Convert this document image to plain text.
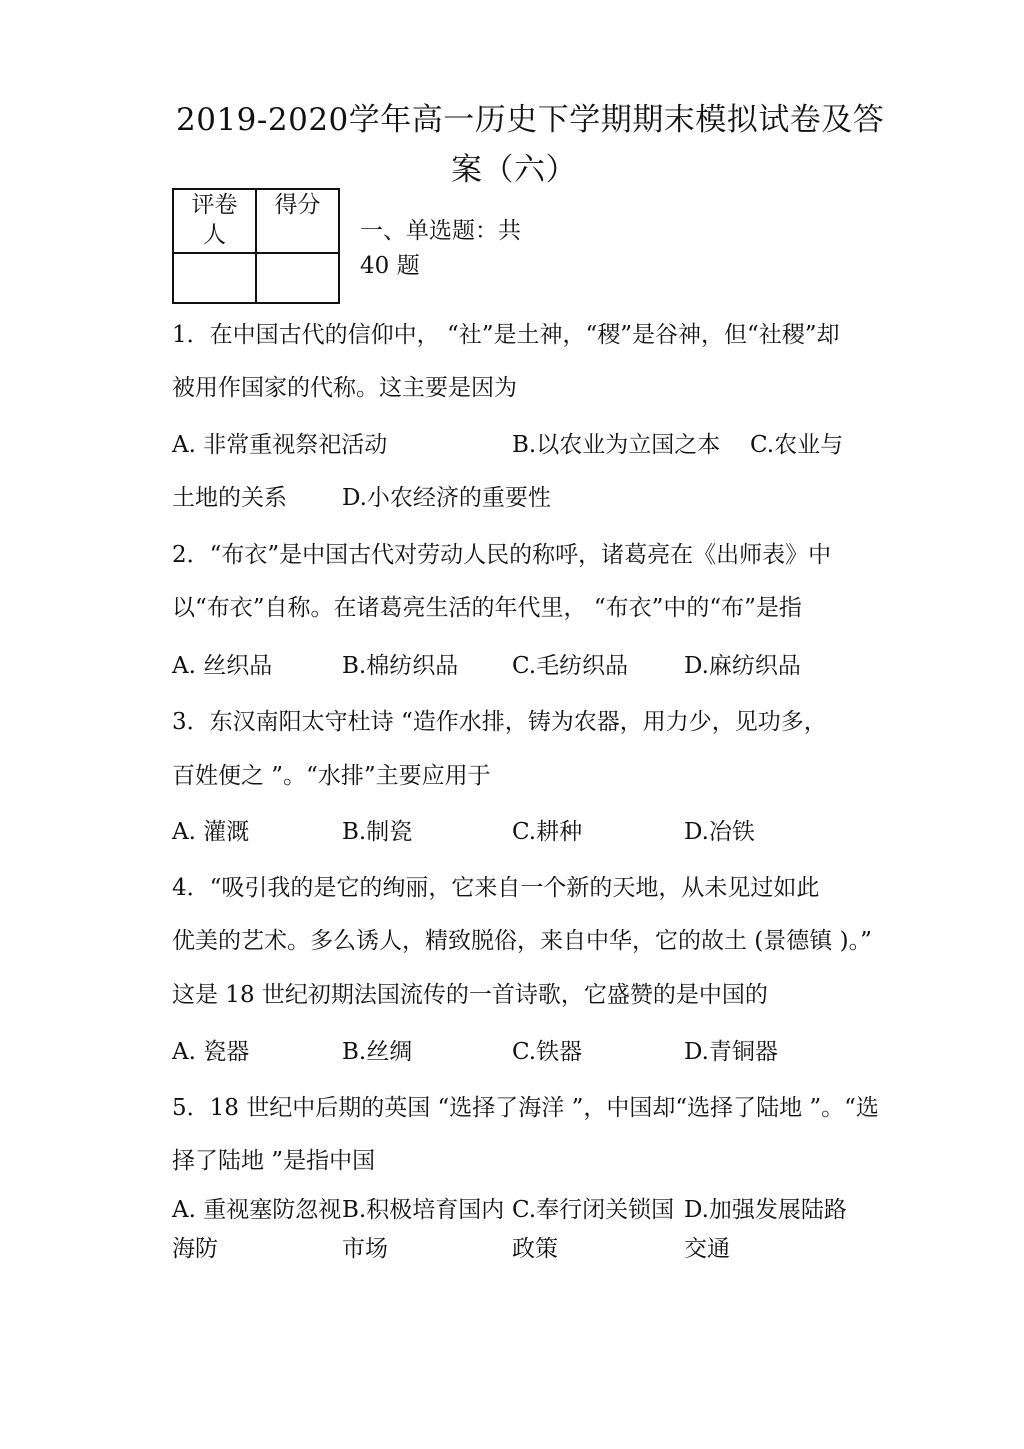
2019-2020学年高一历史下学期期末模拟试卷及答
案（六）
评卷
人	得分

一、单选题：共
40 题
1．在中国古代的信仰中， “社”是土神，“稷”是谷神，但“社稷”却
被用作国家的代称。这主要是因为
A. 非常重视祭祀活动	B.以农业为立国之本 C.农业与
土地的关系 D.小农经济的重要性
2．“布衣”是中国古代对劳动人民的称呼，诸葛亮在《出师表》中
以“布衣”自称。在诸葛亮生活的年代里， “布衣”中的“布”是指
A. 丝织品	B.棉纺织品 C.毛纺织品 D.麻纺织品
3．东汉南阳太守杜诗 “造作水排，铸为农器，用力少，见功多，
百姓便之 ”。“水排”主要应用于
A. 灌溉	B.制瓷	C.耕种	D.冶铁
4．“吸引我的是它的绚丽，它来自一个新的天地，从未见过如此
优美的艺术。多么诱人，精致脱俗，来自中华，它的故土 (景德镇 )。”
这是 18 世纪初期法国流传的一首诗歌，它盛赞的是中国的
A. 瓷器	B.丝绸	C.铁器	D.青铜器
5．18 世纪中后期的英国 “选择了海洋 ”，中国却“选择了陆地 ”。“选
择了陆地 ”是指中国
A. 重视塞防忽视
海防
B.积极培育国内
市场
C.奉行闭关锁国
政策
D.加强发展陆路
交通
